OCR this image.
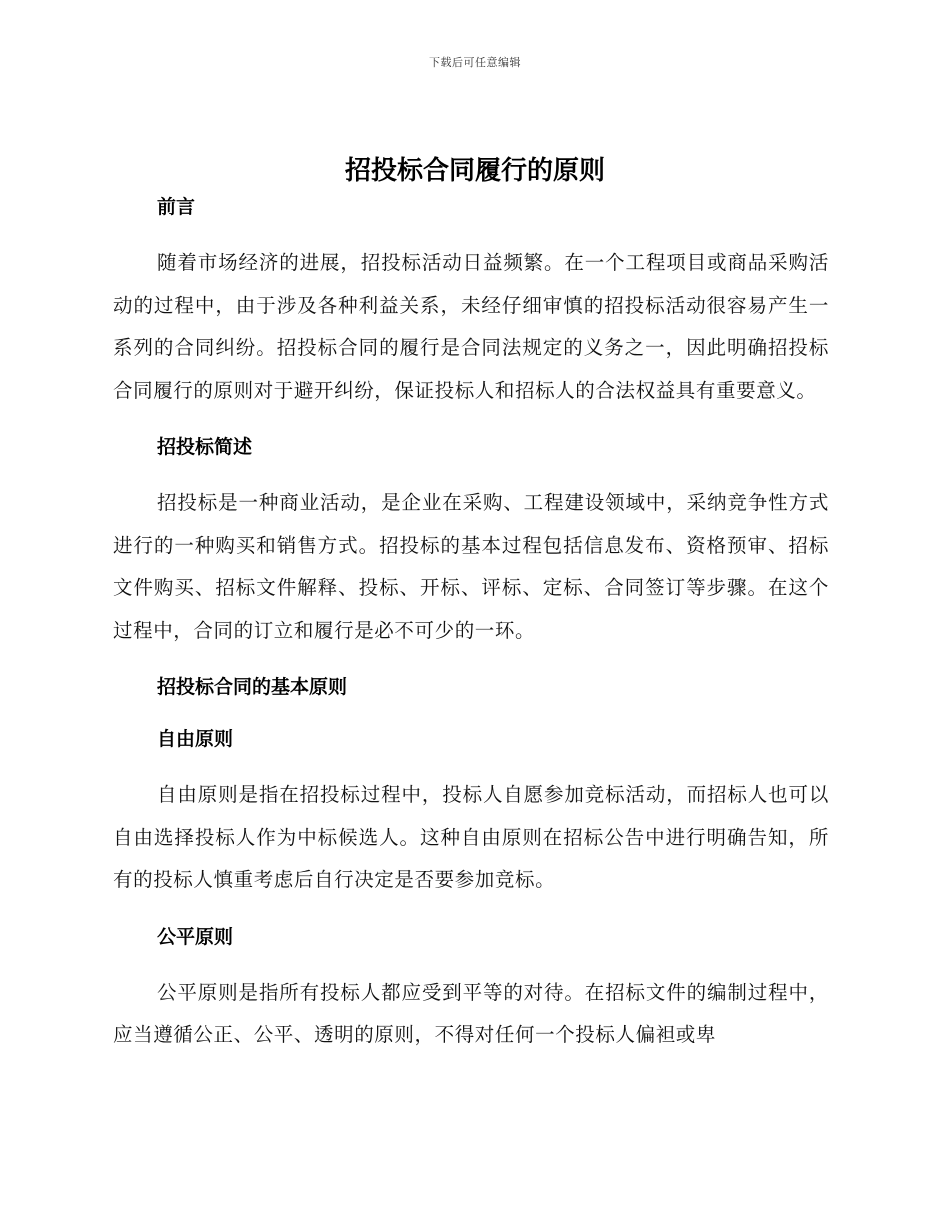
下载后可任意编辑
招投标合同履行的原则
前言

随着市场经济的进展，招投标活动日益频繁。在一个工程项目或商品采购活动的过程中，由于涉及各种利益关系，未经仔细审慎的招投标活动很容易产生一系列的合同纠纷。招投标合同的履行是合同法规定的义务之一，因此明确招投标合同履行的原则对于避开纠纷，保证投标人和招标人的合法权益具有重要意义。

招投标简述

招投标是一种商业活动，是企业在采购、工程建设领域中，采纳竞争性方式进行的一种购买和销售方式。招投标的基本过程包括信息发布、资格预审、招标文件购买、招标文件解释、投标、开标、评标、定标、合同签订等步骤。在这个过程中，合同的订立和履行是必不可少的一环。

招投标合同的基本原则
自由原则

自由原则是指在招投标过程中，投标人自愿参加竞标活动，而招标人也可以自由选择投标人作为中标候选人。这种自由原则在招标公告中进行明确告知，所有的投标人慎重考虑后自行决定是否要参加竞标。

公平原则

公平原则是指所有投标人都应受到平等的对待。在招标文件的编制过程中，应当遵循公正、公平、透明的原则，不得对任何一个投标人偏袒或卑
